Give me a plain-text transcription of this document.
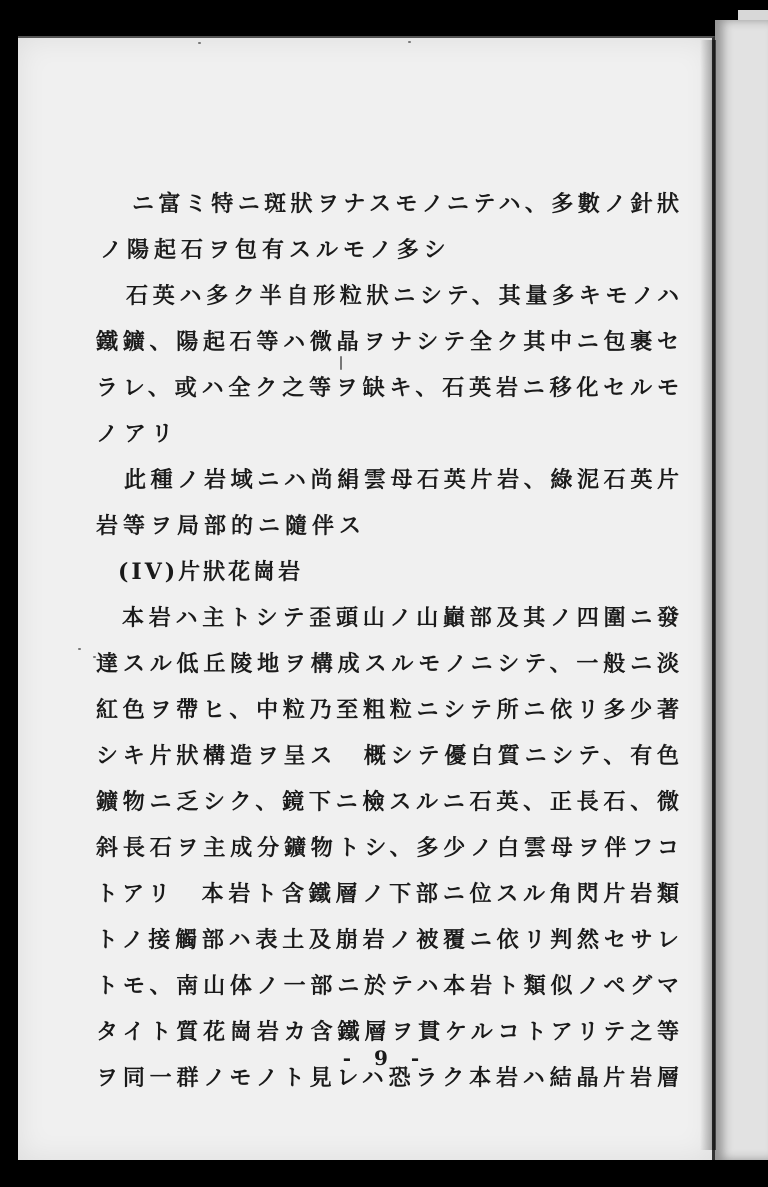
ニ富ミ特ニ斑狀ヲナスモノニテハ、多數ノ針狀
ノ陽起石ヲ包有スルモノ多シ
石英ハ多ク半自形粒狀ニシテ、其量多キモノハ
鐵鑛、陽起石等ハ微晶ヲナシテ全ク其中ニ包裹セ
ラレ、或ハ全ク之等ヲ缺キ、石英岩ニ移化セルモ
ノアリ
此種ノ岩域ニハ尚絹雲母石英片岩、綠泥石英片
岩等ヲ局部的ニ隨伴ス
(IV)片狀花崗岩
本岩ハ主トシテ歪頭山ノ山巓部及其ノ四圍ニ發
達スル低丘陵地ヲ構成スルモノニシテ、一般ニ淡
紅色ヲ帶ヒ、中粒乃至粗粒ニシテ所ニ依リ多少著
シキ片狀構造ヲ呈ス　概シテ優白質ニシテ、有色
鑛物ニ乏シク、鏡下ニ檢スルニ石英、正長石、微
斜長石ヲ主成分鑛物トシ、多少ノ白雲母ヲ伴フコ
トアリ　本岩ト含鐵層ノ下部ニ位スル角閃片岩類
トノ接觸部ハ表土及崩岩ノ被覆ニ依リ判然セサレ
トモ、南山体ノ一部ニ於テハ本岩ト類似ノペグマ
タイト質花崗岩カ含鐵層ヲ貫ケルコトアリテ之等
ヲ同一群ノモノト見レハ恐ラク本岩ハ結晶片岩層
- 9 -
